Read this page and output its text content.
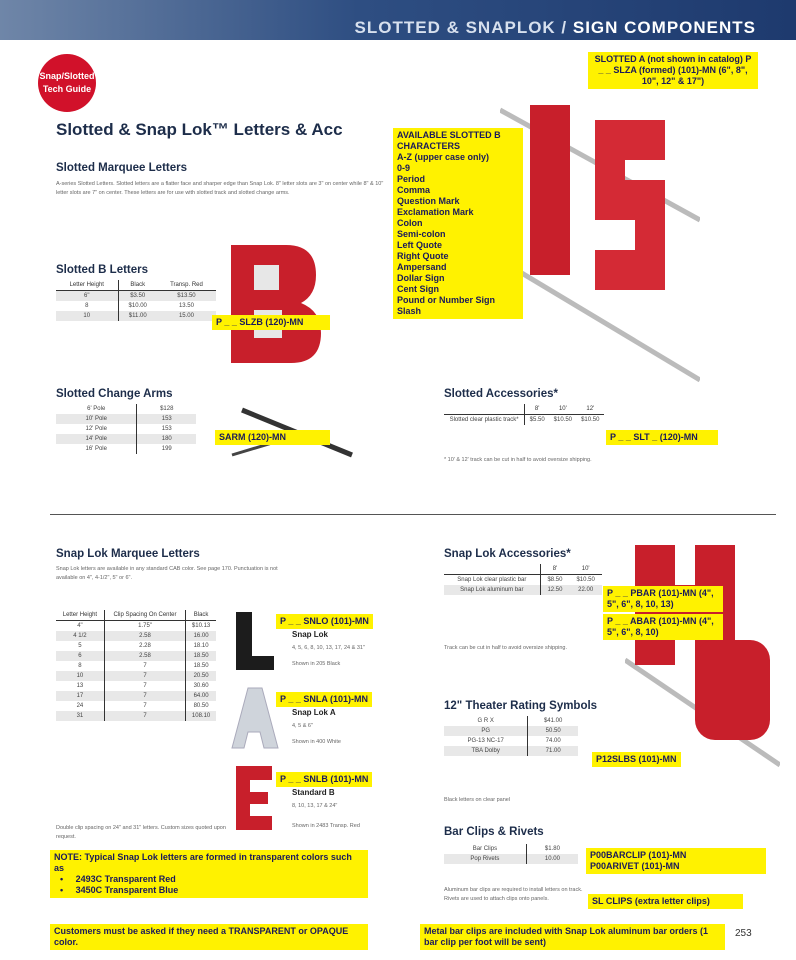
SLOTTED & SNAPLOK / SIGN COMPONENTS
Snap/Slotted Tech Guide
Slotted & Snap Lok™ Letters & Acc
SLOTTED A (not shown in catalog) P _ _ SLZA (formed) (101)-MN (6", 8", 10", 12" & 17")
AVAILABLE SLOTTED B CHARACTERS
A-Z (upper case only)
0-9
Period
Comma
Question Mark
Exclamation Mark
Colon
Semi-colon
Left Quote
Right Quote
Ampersand
Dollar Sign
Cent Sign
Pound or Number Sign
Slash
Slotted Marquee Letters
A-series Slotted Letters. Slotted letters are a flatter face and sharper edge than Snap Lok. 8" letter slots are 3" on center while 8" & 10" letter slots are 7" on center. These letters are for use with slotted track and slotted change arms.
Slotted B Letters
Letter Height	Black	Transp. Red
6"	$3.50	$13.50
8	$10.00	13.50
10	$11.00	15.00
P _ _ SLZB (120)-MN
Slotted Change Arms
6' Pole	$128
10' Pole	153
12' Pole	153
14' Pole	180
16' Pole	199
SARM (120)-MN
Slotted Accessories*
	8'	10'	12'
Slotted clear plastic track*	$5.50	$10.50	$10.50
* 10' & 12' track can be cut in half to avoid oversize shipping.
P _ _ SLT _ (120)-MN
Snap Lok Marquee Letters
Snap Lok letters are available in any standard CAB color. See page 170. Punctuation is not available on 4", 4-1/2", 5" or 6".
Letter Height	Clip Spacing On Center	Black
4"	1.75"	$10.13
4 1/2	2.58	16.00
5	2.28	18.10
6	2.58	18.50
8	7	18.50
10	7	20.50
13	7	30.60
17	7	64.00
24	7	80.50
31	7	108.10
Double clip spacing on 24" and 31" letters. Custom sizes quoted upon request.
P _ _ SNLO (101)-MN
Snap Lok
4, 5, 6, 8, 10, 13, 17, 24 & 31"
Shown in 205 Black
P _ _ SNLA (101)-MN
Snap Lok A
4, 5 & 6"
Shown in 400 White
P _ _ SNLB (101)-MN
Standard B
8, 10, 13, 17 & 24"
Shown in 2483 Transp. Red
NOTE: Typical Snap Lok letters are formed in transparent colors such as
• 2493C Transparent Red
• 3450C Transparent Blue
Customers must be asked if they need a TRANSPARENT or OPAQUE color.
Snap Lok Accessories*
	8'	10'
Snap Lok clear plastic bar	$8.50	$10.50
Snap Lok aluminum bar	12.50	22.00
Track can be cut in half to avoid oversize shipping.
P _ _ PBAR (101)-MN (4", 5", 6", 8, 10, 13)
P _ _ ABAR (101)-MN (4", 5", 6", 8, 10)
12" Theater Rating Symbols
G R X	$41.00
PG	50.50
PG-13 NC-17	74.00
TBA Dolby	71.00
Black letters on clear panel
P12SLBS (101)-MN
Bar Clips & Rivets
Bar Clips	$1.80
Pop Rivets	10.00
Aluminum bar clips are required to install letters on track. Rivets are used to attach clips onto panels.
P00BARCLIP (101)-MN
P00ARIVET (101)-MN
SL CLIPS (extra letter clips)
Metal bar clips are included with Snap Lok aluminum bar orders (1 bar clip per foot will be sent)
253
